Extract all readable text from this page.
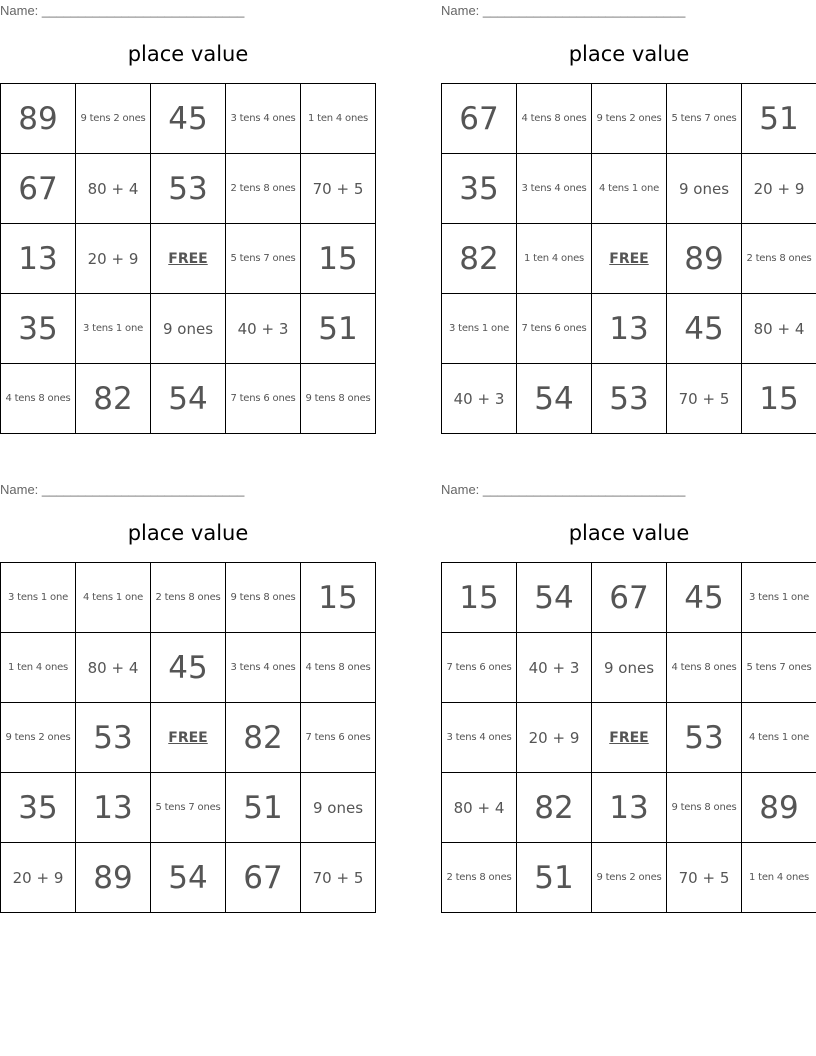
Name: ____________________________
place value
89	9 tens 2 ones	45	3 tens 4 ones	1 ten 4 ones
67	80 + 4	53	2 tens 8 ones	70 + 5
13	20 + 9	FREE	5 tens 7 ones	15
35	3 tens 1 one	9 ones	40 + 3	51
4 tens 8 ones	82	54	7 tens 6 ones	9 tens 8 ones
Name: ____________________________
place value
67	4 tens 8 ones	9 tens 2 ones	5 tens 7 ones	51
35	3 tens 4 ones	4 tens 1 one	9 ones	20 + 9
82	1 ten 4 ones	FREE	89	2 tens 8 ones
3 tens 1 one	7 tens 6 ones	13	45	80 + 4
40 + 3	54	53	70 + 5	15
Name: ____________________________
place value
3 tens 1 one	4 tens 1 one	2 tens 8 ones	9 tens 8 ones	15
1 ten 4 ones	80 + 4	45	3 tens 4 ones	4 tens 8 ones
9 tens 2 ones	53	FREE	82	7 tens 6 ones
35	13	5 tens 7 ones	51	9 ones
20 + 9	89	54	67	70 + 5
Name: ____________________________
place value
15	54	67	45	3 tens 1 one
7 tens 6 ones	40 + 3	9 ones	4 tens 8 ones	5 tens 7 ones
3 tens 4 ones	20 + 9	FREE	53	4 tens 1 one
80 + 4	82	13	9 tens 8 ones	89
2 tens 8 ones	51	9 tens 2 ones	70 + 5	1 ten 4 ones
